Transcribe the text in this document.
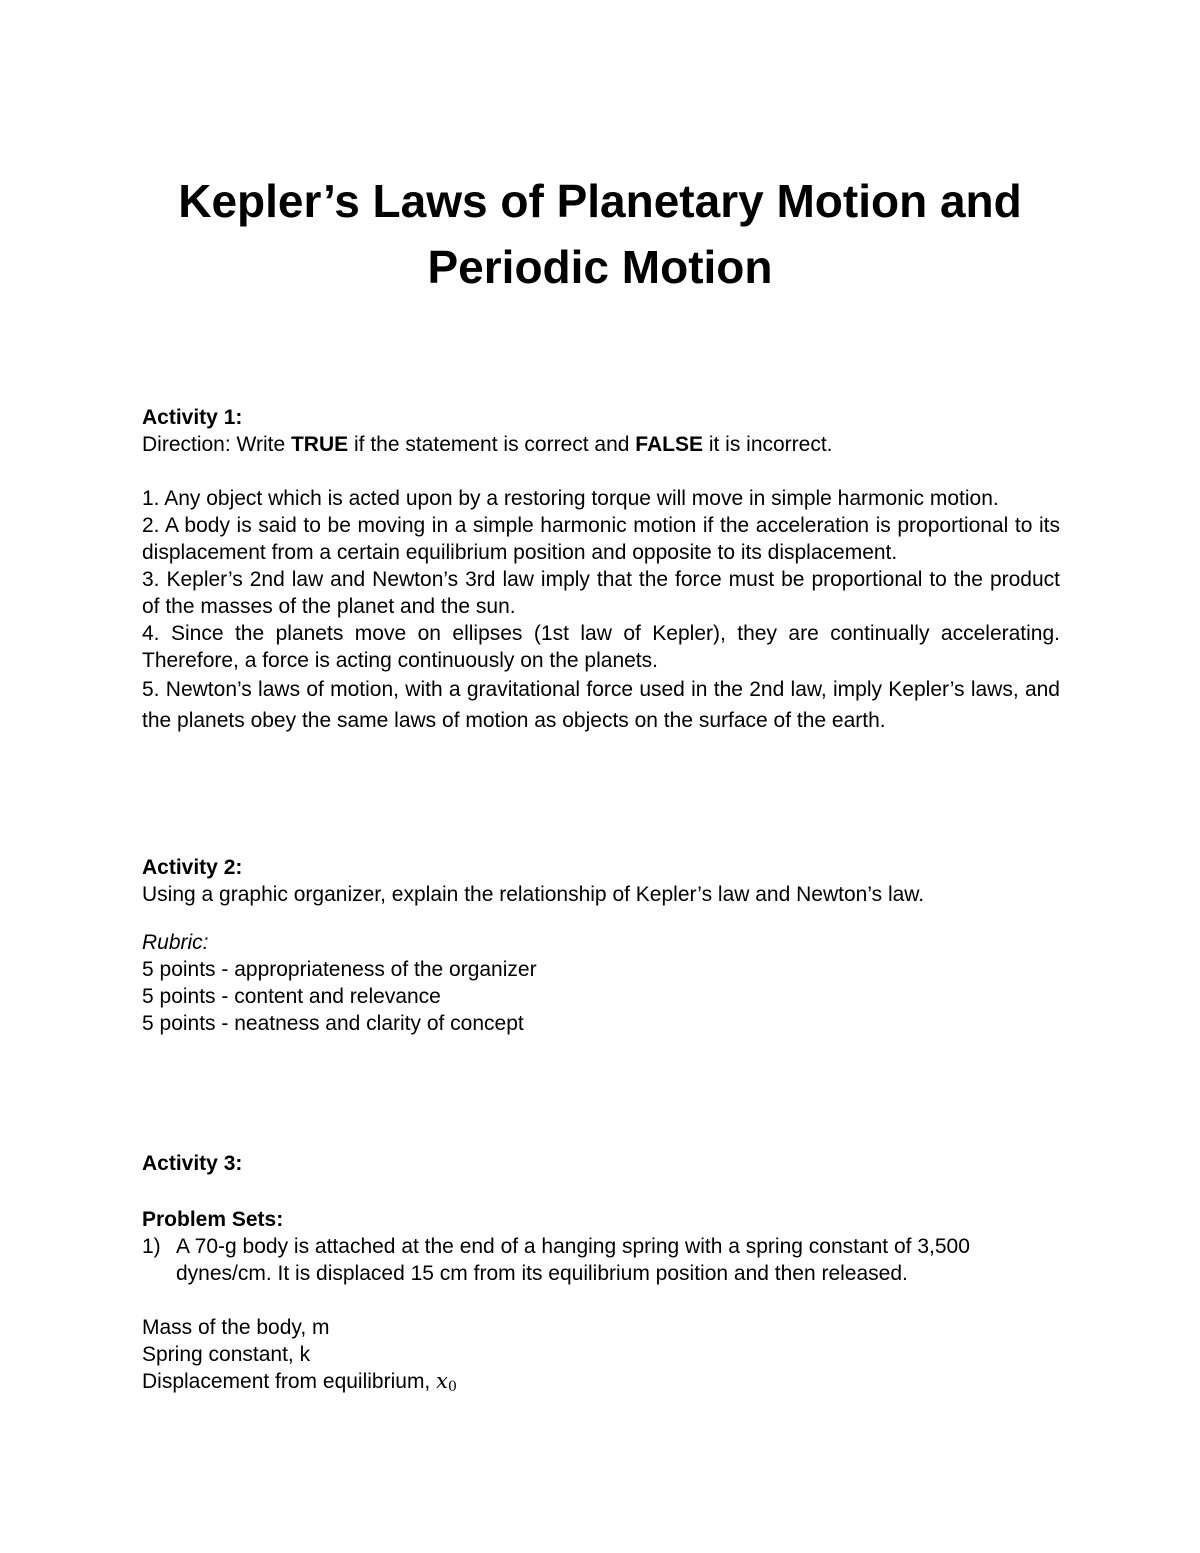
Kepler’s Laws of Planetary Motion and
Periodic Motion
Activity 1:
Direction: Write TRUE if the statement is correct and FALSE it is incorrect.
1. Any object which is acted upon by a restoring torque will move in simple harmonic motion.
2. A body is said to be moving in a simple harmonic motion if the acceleration is proportional to its displacement from a certain equilibrium position and opposite to its displacement.
3. Kepler’s 2nd law and Newton’s 3rd law imply that the force must be proportional to the product of the masses of the planet and the sun.
4. Since the planets move on ellipses (1st law of Kepler), they are continually accelerating. Therefore, a force is acting continuously on the planets.
5. Newton’s laws of motion, with a gravitational force used in the 2nd law, imply Kepler’s laws, and the planets obey the same laws of motion as objects on the surface of the earth.
Activity 2:
Using a graphic organizer, explain the relationship of Kepler’s law and Newton’s law.
Rubric:
5 points - appropriateness of the organizer
5 points - content and relevance
5 points - neatness and clarity of concept
Activity 3:
Problem Sets:
1) A 70-g body is attached at the end of a hanging spring with a spring constant of 3,500 dynes/cm. It is displaced 15 cm from its equilibrium position and then released.
Mass of the body, m
Spring constant, k
Displacement from equilibrium, $x_0$
